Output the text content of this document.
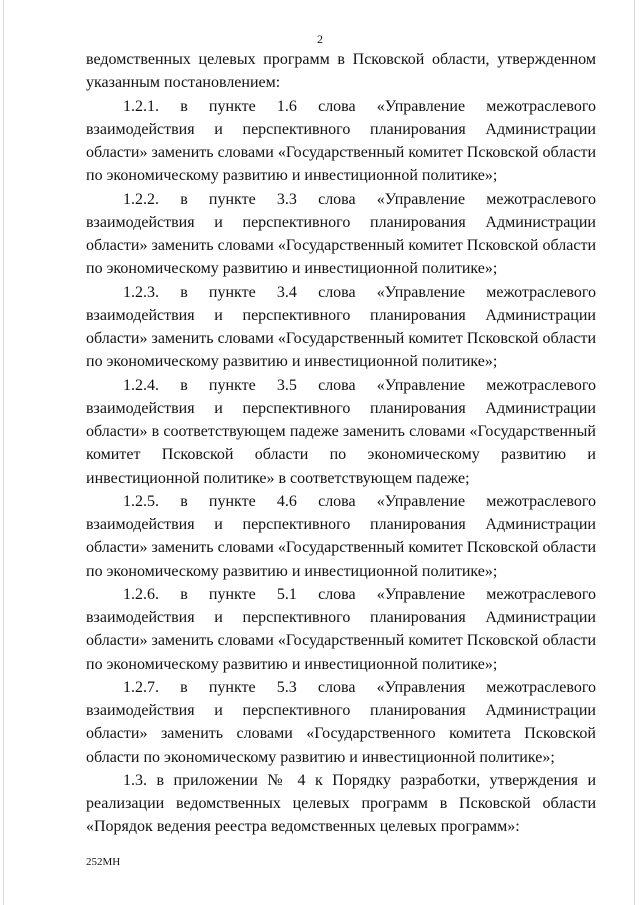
2

ведомственных целевых программ в Псковской области, утвержденном указанным постановлением:

1.2.1. в пункте 1.6 слова «Управление межотраслевого взаимодействия и перспективного планирования Администрации области» заменить словами «Государственный комитет Псковской области по экономическому развитию и инвестиционной политике»;

1.2.2. в пункте 3.3 слова «Управление межотраслевого взаимодействия и перспективного планирования Администрации области» заменить словами «Государственный комитет Псковской области по экономическому развитию и инвестиционной политике»;

1.2.3. в пункте 3.4 слова «Управление межотраслевого взаимодействия и перспективного планирования Администрации области» заменить словами «Государственный комитет Псковской области по экономическому развитию и инвестиционной политике»;

1.2.4. в пункте 3.5 слова «Управление межотраслевого взаимодействия и перспективного планирования Администрации области» в соответствующем падеже заменить словами «Государственный комитет Псковской области по экономическому развитию и инвестиционной политике» в соответствующем падеже;

1.2.5. в пункте 4.6 слова «Управление межотраслевого взаимодействия и перспективного планирования Администрации области» заменить словами «Государственный комитет Псковской области по экономическому развитию и инвестиционной политике»;

1.2.6. в пункте 5.1 слова «Управление межотраслевого взаимодействия и перспективного планирования Администрации области» заменить словами «Государственный комитет Псковской области по экономическому развитию и инвестиционной политике»;

1.2.7. в пункте 5.3 слова «Управления межотраслевого взаимодействия и перспективного планирования Администрации области» заменить словами «Государственного комитета Псковской области по экономическому развитию и инвестиционной политике»;

1.3. в приложении № 4 к Порядку разработки, утверждения и реализации ведомственных целевых программ в Псковской области «Порядок ведения реестра ведомственных целевых программ»:

252МН
